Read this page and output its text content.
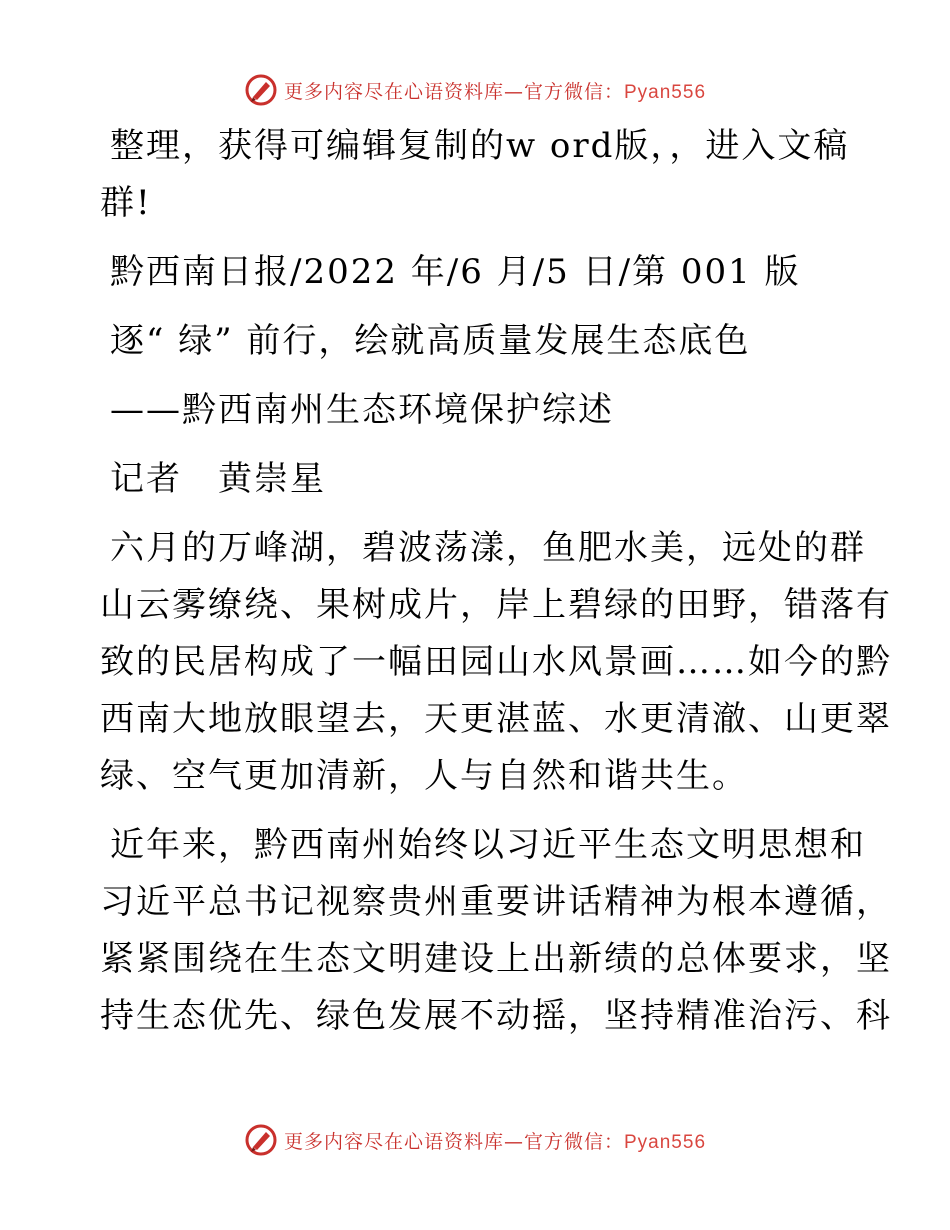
更多内容尽在心语资料库—官方微信：Pyan556
整理，获得可编辑复制的w ord版，，进入文稿
群!
黔西南日报/2022 年/6 月/5 日/第 001 版
逐“ 绿” 前行，绘就高质量发展生态底色
——黔西南州生态环境保护综述
记者　黄崇星
六月的万峰湖，碧波荡漾，鱼肥水美，远处的群
山云雾缭绕、果树成片，岸上碧绿的田野，错落有
致的民居构成了一幅田园山水风景画……如今的黔
西南大地放眼望去，天更湛蓝、水更清澈、山更翠
绿、空气更加清新，人与自然和谐共生。
近年来，黔西南州始终以习近平生态文明思想和
习近平总书记视察贵州重要讲话精神为根本遵循，
紧紧围绕在生态文明建设上出新绩的总体要求，坚
持生态优先、绿色发展不动摇，坚持精准治污、科
更多内容尽在心语资料库—官方微信：Pyan556
